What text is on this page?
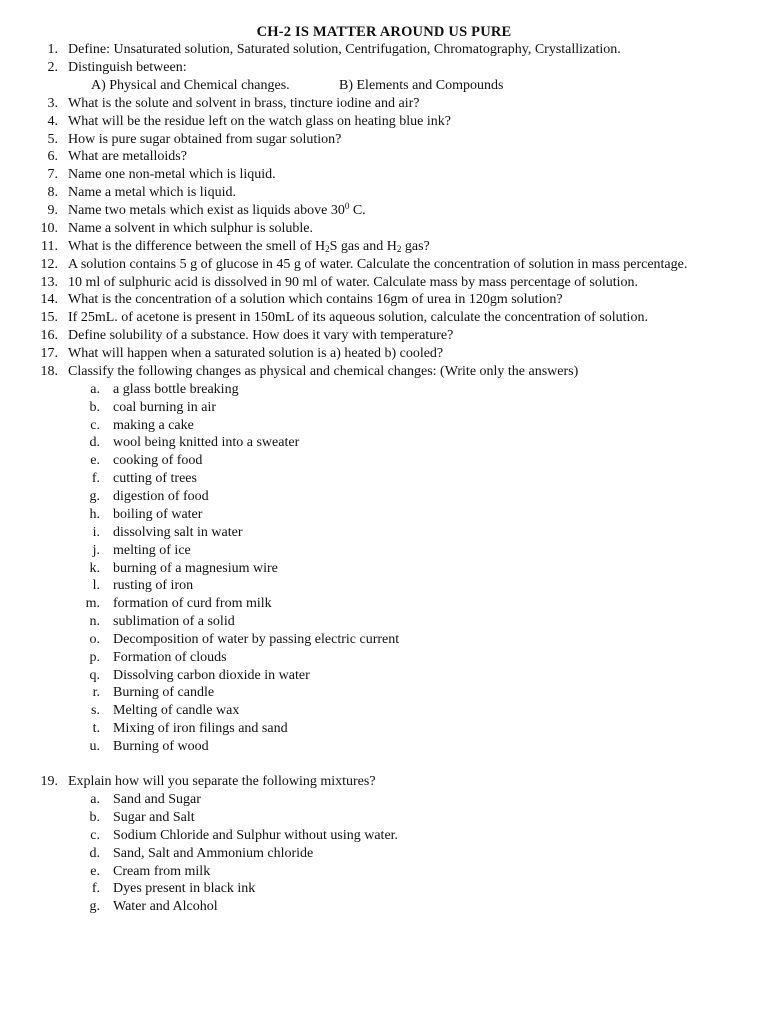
CH-2 IS MATTER AROUND US PURE
1. Define: Unsaturated solution, Saturated solution, Centrifugation, Chromatography, Crystallization.
2. Distinguish between:
A) Physical and Chemical changes.	B) Elements and Compounds
3. What is the solute and solvent in brass, tincture iodine and air?
4. What will be the residue left on the watch glass on heating blue ink?
5. How is pure sugar obtained from sugar solution?
6. What are metalloids?
7. Name one non-metal which is liquid.
8. Name a metal which is liquid.
9. Name two metals which exist as liquids above $30^0$ C.
10. Name a solvent in which sulphur is soluble.
11. What is the difference between the smell of $H_2S$ gas and $H_2$ gas?
12. A solution contains 5 g of glucose in 45 g of water. Calculate the concentration of solution in mass percentage.
13. 10 ml of sulphuric acid is dissolved in 90 ml of water. Calculate mass by mass percentage of solution.
14. What is the concentration of a solution which contains 16gm of urea in 120gm solution?
15. If 25mL. of acetone is present in 150mL of its aqueous solution, calculate the concentration of solution.
16. Define solubility of a substance. How does it vary with temperature?
17. What will happen when a saturated solution is a) heated b) cooled?
18. Classify the following changes as physical and chemical changes: (Write only the answers)
a. a glass bottle breaking
b. coal burning in air
c. making a cake
d. wool being knitted into a sweater
e. cooking of food
f. cutting of trees
g. digestion of food
h. boiling of water
i. dissolving salt in water
j. melting of ice
k. burning of a magnesium wire
l. rusting of iron
m. formation of curd from milk
n. sublimation of a solid
o. Decomposition of water by passing electric current
p. Formation of clouds
q. Dissolving carbon dioxide in water
r. Burning of candle
s. Melting of candle wax
t. Mixing of iron filings and sand
u. Burning of wood
19. Explain how will you separate the following mixtures?
a. Sand and Sugar
b. Sugar and Salt
c. Sodium Chloride and Sulphur without using water.
d. Sand, Salt and Ammonium chloride
e. Cream from milk
f. Dyes present in black ink
g. Water and Alcohol
